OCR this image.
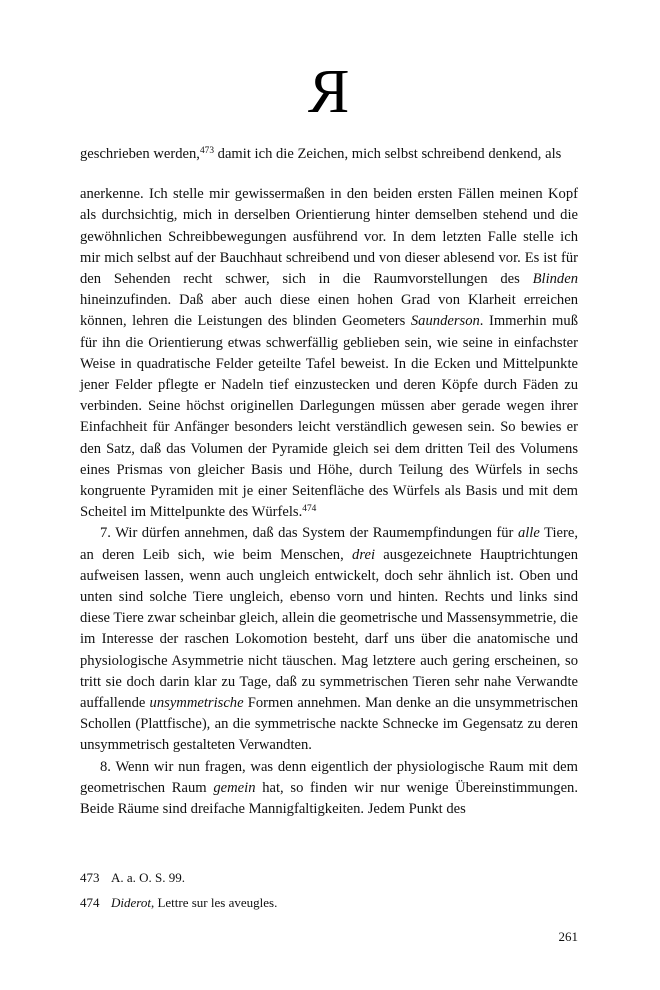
R

geschrieben werden,$^{473}$ damit ich die Zeichen, mich selbst schreibend denkend, als

anerkenne. Ich stelle mir gewissermaßen in den beiden ersten Fällen meinen Kopf als durchsichtig, mich in derselben Orientierung hinter demselben stehend und die gewöhnlichen Schreibbewegungen ausführend vor. In dem letzten Falle stelle ich mir mich selbst auf der Bauchhaut schreibend und von dieser ablesend vor. Es ist für den Sehenden recht schwer, sich in die Raumvorstellungen des Blinden hineinzufinden. Daß aber auch diese einen hohen Grad von Klarheit erreichen können, lehren die Leistungen des blinden Geometers Saunderson. Immerhin muß für ihn die Orientierung etwas schwerfällig geblieben sein, wie seine in einfachster Weise in quadratische Felder geteilte Tafel beweist. In die Ecken und Mittelpunkte jener Felder pflegte er Nadeln tief einzustecken und deren Köpfe durch Fäden zu verbinden. Seine höchst originellen Darlegungen müssen aber gerade wegen ihrer Einfachheit für Anfänger besonders leicht verständlich gewesen sein. So bewies er den Satz, daß das Volumen der Pyramide gleich sei dem dritten Teil des Volumens eines Prismas von gleicher Basis und Höhe, durch Teilung des Würfels in sechs kongruente Pyramiden mit je einer Seitenfläche des Würfels als Basis und mit dem Scheitel im Mittelpunkte des Würfels.$^{474}$

7. Wir dürfen annehmen, daß das System der Raumempfindungen für alle Tiere, an deren Leib sich, wie beim Menschen, drei ausgezeichnete Hauptrichtungen aufweisen lassen, wenn auch ungleich entwickelt, doch sehr ähnlich ist. Oben und unten sind solche Tiere ungleich, ebenso vorn und hinten. Rechts und links sind diese Tiere zwar scheinbar gleich, allein die geometrische und Massensymmetrie, die im Interesse der raschen Lokomotion besteht, darf uns über die anatomische und physiologische Asymmetrie nicht täuschen. Mag letztere auch gering erscheinen, so tritt sie doch darin klar zu Tage, daß zu symmetrischen Tieren sehr nahe Verwandte auffallende unsymmetrische Formen annehmen. Man denke an die unsymmetrischen Schollen (Plattfische), an die symmetrische nackte Schnecke im Gegensatz zu deren unsymmetrisch gestalteten Verwandten.

8. Wenn wir nun fragen, was denn eigentlich der physiologische Raum mit dem geometrischen Raum gemein hat, so finden wir nur wenige Übereinstimmungen. Beide Räume sind dreifache Mannigfaltigkeiten. Jedem Punkt des

473 A. a. O. S. 99.
474 Diderot, Lettre sur les aveugles.
261
